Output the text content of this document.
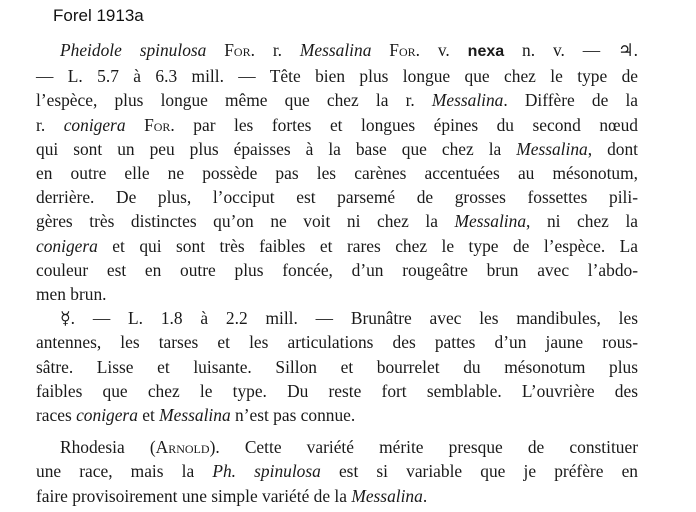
Forel 1913a
Pheidole spinulosa For. r. Messalina For. v. nexa n. v. — ♃.
— L. 5.7 à 6.3 mill. — Tête bien plus longue que chez le type de
l’espèce, plus longue même que chez la r. Messalina. Diffère de la
r. conigera For. par les fortes et longues épines du second nœud
qui sont un peu plus épaisses à la base que chez la Messalina, dont
en outre elle ne possède pas les carènes accentuées au mésonotum,
derrière. De plus, l’occiput est parsemé de grosses fossettes pili-
gères très distinctes qu’on ne voit ni chez la Messalina, ni chez la
conigera et qui sont très faibles et rares chez le type de l’espèce. La
couleur est en outre plus foncée, d’un rougeâtre brun avec l’abdo-
men brun.
☿. — L. 1.8 à 2.2 mill. — Brunâtre avec les mandibules, les
antennes, les tarses et les articulations des pattes d’un jaune rous-
sâtre. Lisse et luisante. Sillon et bourrelet du mésonotum plus
faibles que chez le type. Du reste fort semblable. L’ouvrière des
races conigera et Messalina n’est pas connue.
Rhodesia (Arnold). Cette variété mérite presque de constituer
une race, mais la Ph. spinulosa est si variable que je préfère en
faire provisoirement une simple variété de la Messalina.
